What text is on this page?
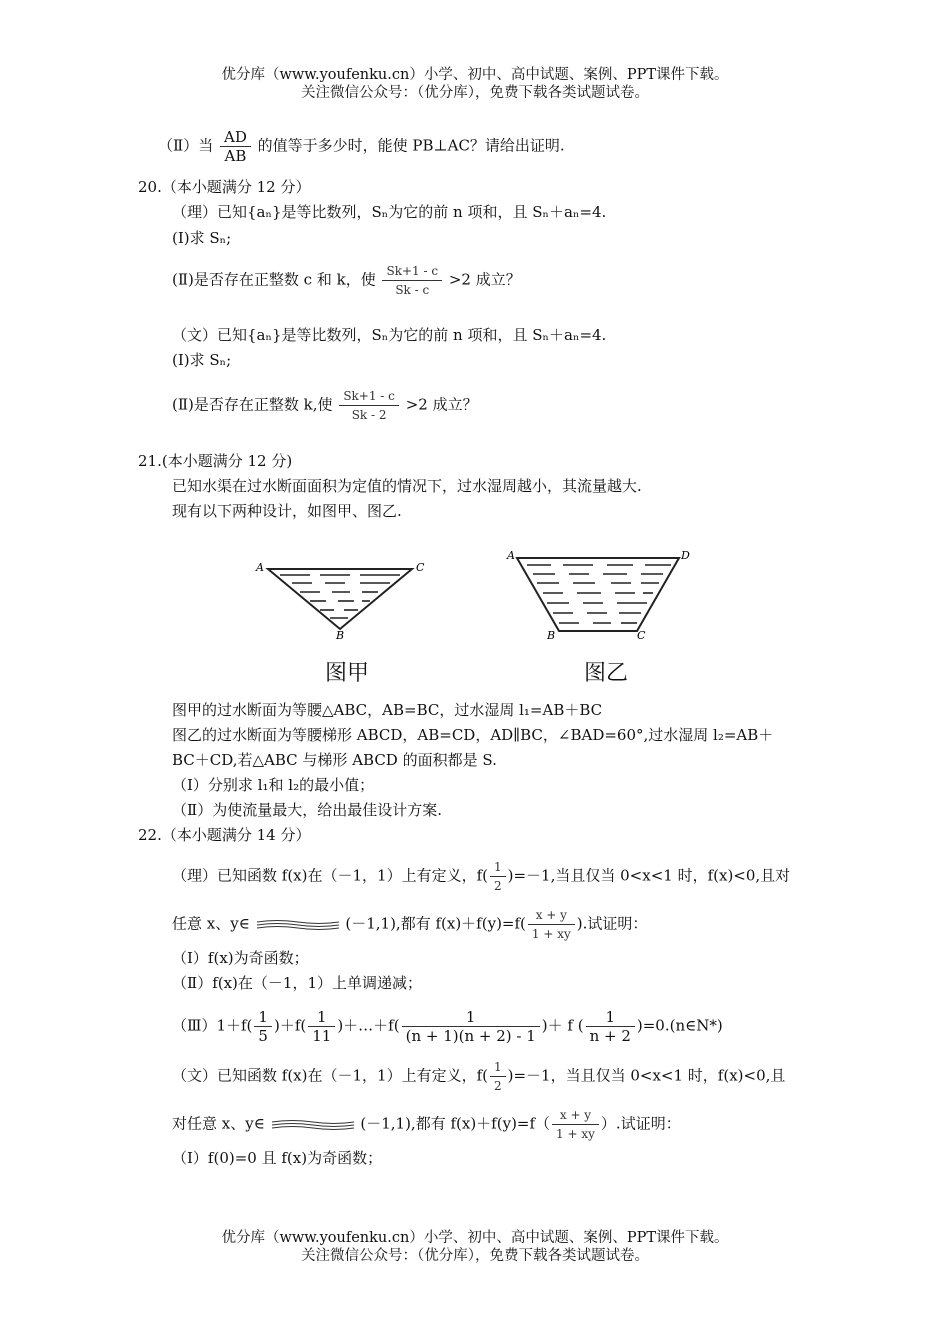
优分库（www.youfenku.cn）小学、初中、高中试题、案例、PPT课件下载。
关注微信公众号：（优分库），免费下载各类试题试卷。
（Ⅱ）当 $\frac{AD}{AB}$ 的值等于多少时，能使 PB⊥AC？请给出证明.
20.（本小题满分 12 分）
（理）已知{aₙ}是等比数列，Sₙ为它的前 n 项和，且 Sₙ＋aₙ=4.
(Ⅰ)求 Sₙ;
(Ⅱ)是否存在正整数 c 和 k，使 $\frac{Sk+1 - c}{Sk - c} >2$ 成立？
（文）已知{aₙ}是等比数列，Sₙ为它的前 n 项和，且 Sₙ＋aₙ=4.
(Ⅰ)求 Sₙ;
(Ⅱ)是否存在正整数 k,使 $\frac{Sk+1 - c}{Sk - 2} >2$ 成立？
21.(本小题满分 12 分)
已知水渠在过水断面面积为定值的情况下，过水湿周越小，其流量越大.
现有以下两种设计，如图甲、图乙.
A	C
B
图甲
A	D
B	C
图乙
图甲的过水断面为等腰△ABC，AB=BC，过水湿周 l₁=AB＋BC
图乙的过水断面为等腰梯形 ABCD，AB=CD，AD∥BC，∠BAD=60°,过水湿周 l₂=AB＋
BC＋CD,若△ABC 与梯形 ABCD 的面积都是 S.
（Ⅰ）分别求 l₁和 l₂的最小值；
（Ⅱ）为使流量最大，给出最佳设计方案.
22.（本小题满分 14 分）
（理）已知函数 f(x)在（－1，1）上有定义，$f( \frac{1}{2} )=-1$,当且仅当 0<x<1 时，f(x)<0,且对
任意 x、y∈	(－1,1),都有 $f(x)+f(y)=f( \frac{x + y}{1 + xy}$ ).试证明：
（Ⅰ）f(x)为奇函数；
（Ⅱ）f(x)在（－1，1）上单调递减；
（Ⅲ）1＋f( $\frac{1}{5} )+f( \frac{1}{11}$ )＋…＋f( $\frac{1}{(n + 1)(n + 2) - 1}$ )＋ f ( $\frac{1}{n + 2}$ )=0.(n∈N*)
（文）已知函数 f(x)在（－1，1）上有定义，$f( \frac{1}{2} )=-1$，当且仅当 0<x<1 时，f(x)<0,且
对任意 x、y∈	(－1,1),都有 $f(x)+f(y)=f( \frac{x + y}{1 + xy}$ ）.试证明：
（Ⅰ）f(0)=0 且 f(x)为奇函数；
优分库（www.youfenku.cn）小学、初中、高中试题、案例、PPT课件下载。
关注微信公众号：（优分库），免费下载各类试题试卷。
